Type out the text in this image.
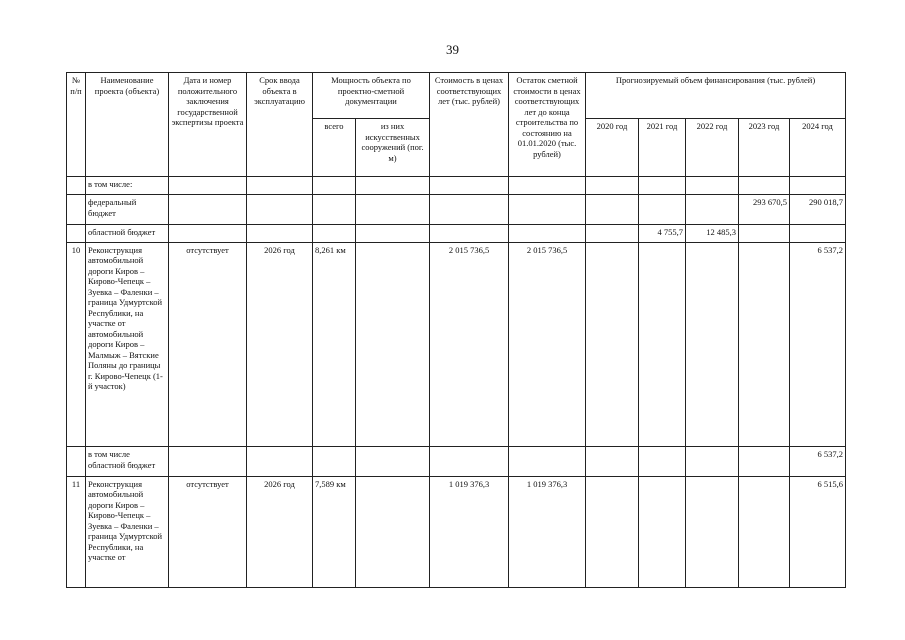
39
№ п/п	Наименование проекта (объекта)	Дата и номер положительного заключения государственной экспертизы проекта	Срок ввода объекта в эксплуатацию	Мощность объекта по проектно-сметной документации		Стоимость в ценах соответствующих лет (тыс. рублей)	Остаток сметной стоимости в ценах соответствующих лет до конца строительства по состоянию на 01.01.2020 (тыс. рублей)	Прогнозируемый объем финансирования (тыс. рублей)				
				всего	из них искусственных сооружений (пог. м)			2020 год	2021 год	2022 год	2023 год	2024 год
	в том числе:											
	федеральный бюджет										293 670,5	290 018,7
	областной бюджет								4 755,7	12 485,3		
10	Реконструкция автомобильной дороги Киров – Кирово-Чепецк – Зуевка – Фаленки – граница Удмуртской Республики, на участке от автомобильной дороги Киров – Малмыж – Вятские Поляны до границы г. Кирово-Чепецк (1-й участок)	отсутствует	2026 год	8,261 км		2 015 736,5	2 015 736,5					6 537,2
	в том числе областной бюджет											6 537,2
11	Реконструкция автомобильной дороги Киров – Кирово-Чепецк – Зуевка – Фаленки – граница Удмуртской Республики, на участке от	отсутствует	2026 год	7,589 км		1 019 376,3	1 019 376,3					6 515,6
